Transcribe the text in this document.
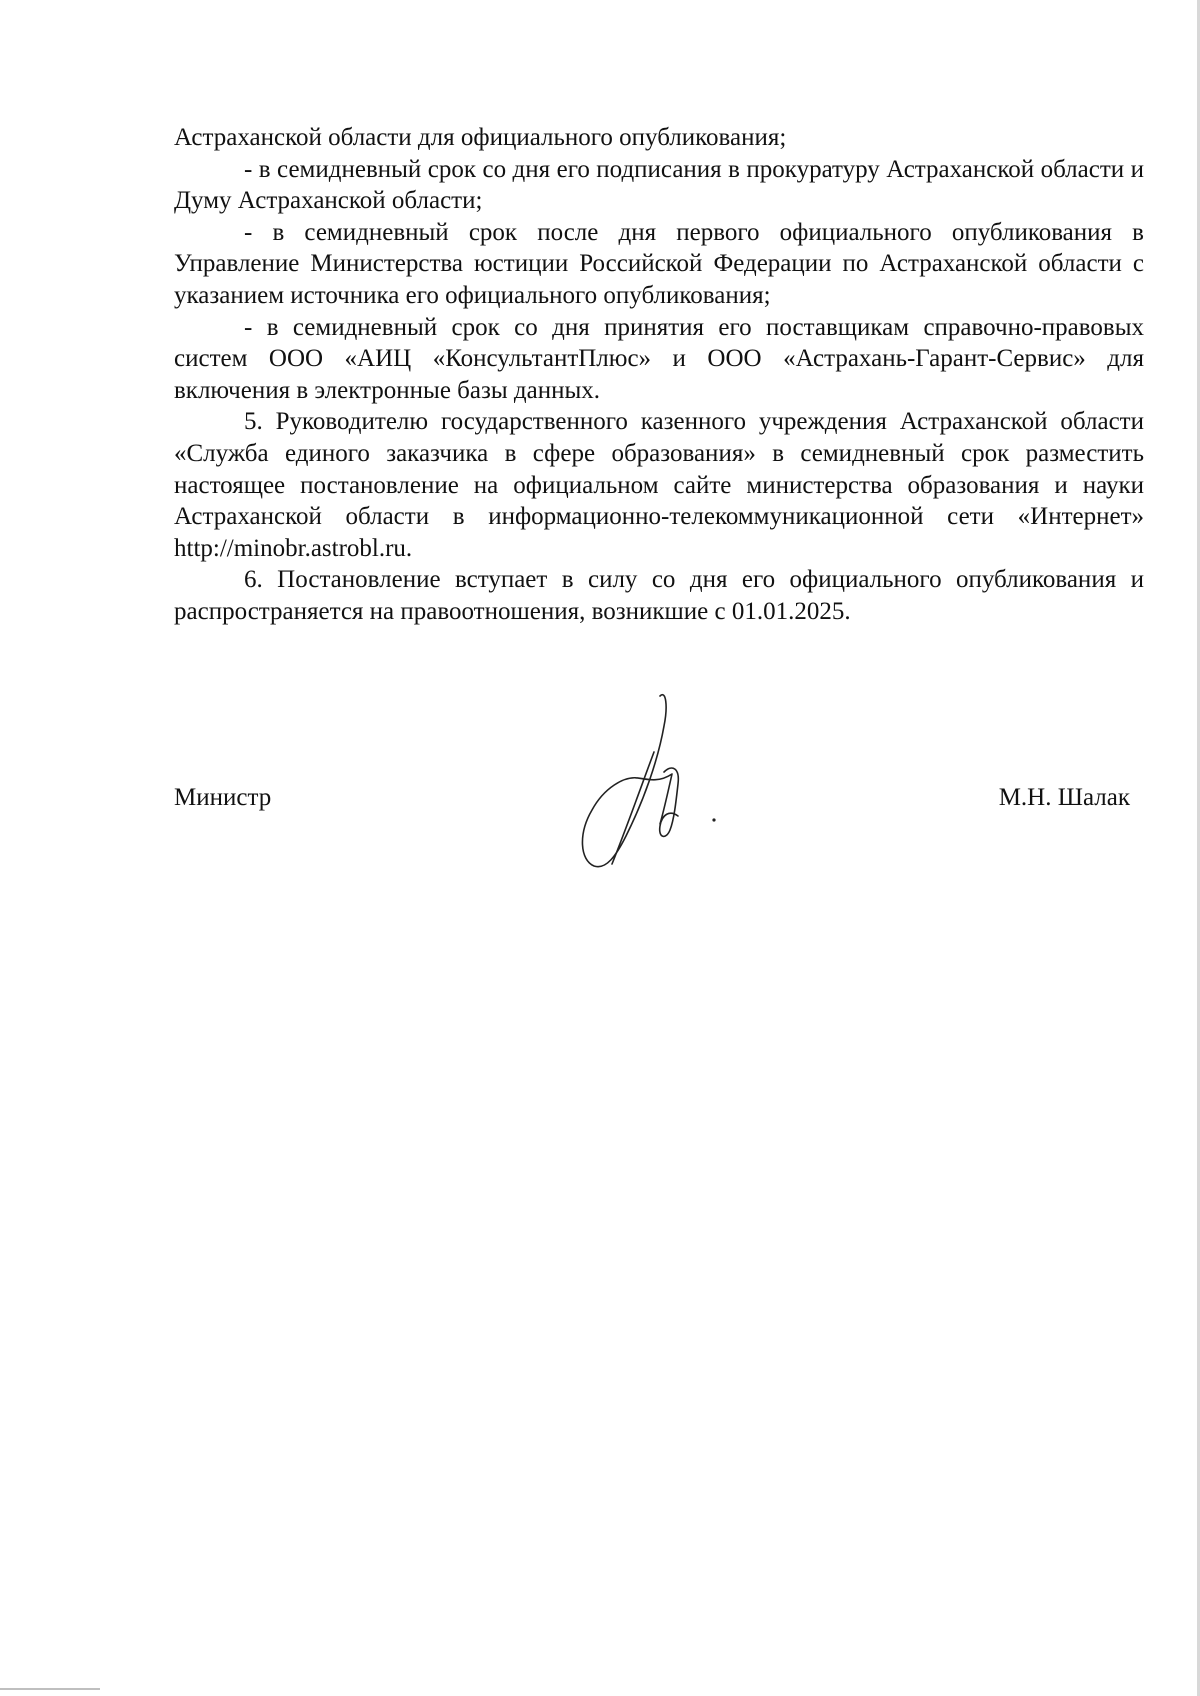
Астраханской области для официального опубликования;

- в семидневный срок со дня его подписания в прокуратуру Астраханской области и Думу Астраханской области;

- в семидневный срок после дня первого официального опубликования в Управление Министерства юстиции Российской Федерации по Астраханской области с указанием источника его официального опубликования;

- в семидневный срок со дня принятия его поставщикам справочно-правовых систем ООО «АИЦ «КонсультантПлюс» и ООО «Астрахань-Гарант-Сервис» для включения в электронные базы данных.

5. Руководителю государственного казенного учреждения Астраханской области «Служба единого заказчика в сфере образования» в семидневный срок разместить настоящее постановление на официальном сайте министерства образования и науки Астраханской области в информационно-телекоммуникационной сети «Интернет» http://minobr.astrobl.ru.

6. Постановление вступает в силу со дня его официального опубликования и распространяется на правоотношения, возникшие с 01.01.2025.

Министр	М.Н. Шалак
